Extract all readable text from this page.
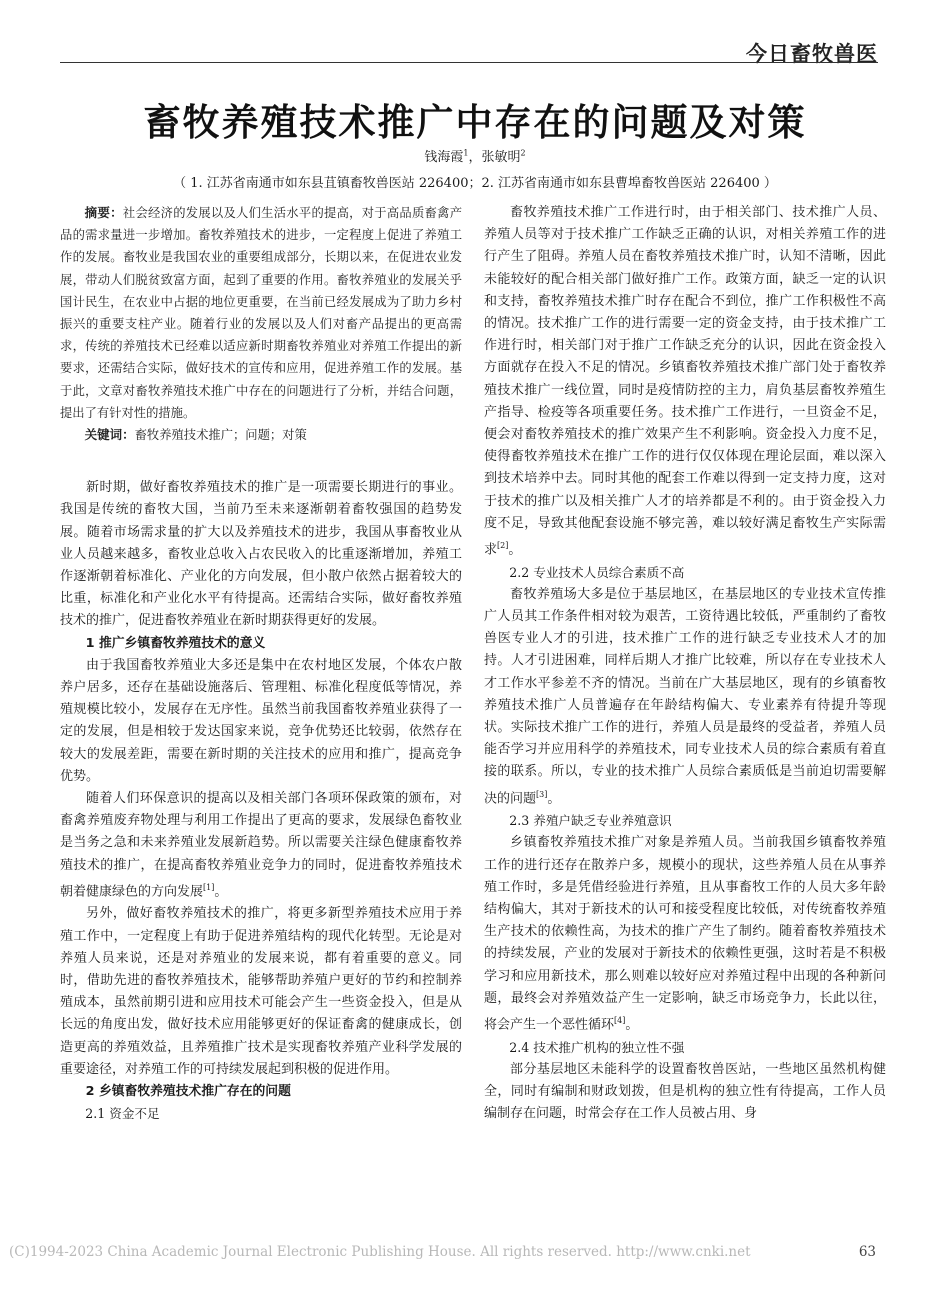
今日畜牧兽医
畜牧养殖技术推广中存在的问题及对策
钱海霞$^1$，张敏明$^2$
（ 1. 江苏省南通市如东县苴镇畜牧兽医站 226400；2. 江苏省南通市如东县曹埠畜牧兽医站 226400 ）

摘要：社会经济的发展以及人们生活水平的提高，对于高品质畜禽产品的需求量进一步增加。畜牧养殖技术的进步，一定程度上促进了养殖工作的发展。畜牧业是我国农业的重要组成部分，长期以来，在促进农业发展，带动人们脱贫致富方面，起到了重要的作用。畜牧养殖业的发展关乎国计民生，在农业中占据的地位更重要，在当前已经发展成为了助力乡村振兴的重要支柱产业。随着行业的发展以及人们对畜产品提出的更高需求，传统的养殖技术已经难以适应新时期畜牧养殖业对养殖工作提出的新要求，还需结合实际，做好技术的宣传和应用，促进养殖工作的发展。基于此，文章对畜牧养殖技术推广中存在的问题进行了分析，并结合问题，提出了有针对性的措施。

关键词：畜牧养殖技术推广；问题；对策

新时期，做好畜牧养殖技术的推广是一项需要长期进行的事业。我国是传统的畜牧大国，当前乃至未来逐渐朝着畜牧强国的趋势发展。随着市场需求量的扩大以及养殖技术的进步，我国从事畜牧业从业人员越来越多，畜牧业总收入占农民收入的比重逐渐增加，养殖工作逐渐朝着标准化、产业化的方向发展，但小散户依然占据着较大的比重，标准化和产业化水平有待提高。还需结合实际，做好畜牧养殖技术的推广，促进畜牧养殖业在新时期获得更好的发展。

1 推广乡镇畜牧养殖技术的意义

由于我国畜牧养殖业大多还是集中在农村地区发展，个体农户散养户居多，还存在基础设施落后、管理粗、标准化程度低等情况，养殖规模比较小，发展存在无序性。虽然当前我国畜牧养殖业获得了一定的发展，但是相较于发达国家来说，竞争优势还比较弱，依然存在较大的发展差距，需要在新时期的关注技术的应用和推广，提高竞争优势。

随着人们环保意识的提高以及相关部门各项环保政策的颁布，对畜禽养殖废弃物处理与利用工作提出了更高的要求，发展绿色畜牧业是当务之急和未来养殖业发展新趋势。所以需要关注绿色健康畜牧养殖技术的推广，在提高畜牧养殖业竞争力的同时，促进畜牧养殖技术朝着健康绿色的方向发展[1]。

另外，做好畜牧养殖技术的推广，将更多新型养殖技术应用于养殖工作中，一定程度上有助于促进养殖结构的现代化转型。无论是对养殖人员来说，还是对养殖业的发展来说，都有着重要的意义。同时，借助先进的畜牧养殖技术，能够帮助养殖户更好的节约和控制养殖成本，虽然前期引进和应用技术可能会产生一些资金投入，但是从长远的角度出发，做好技术应用能够更好的保证畜禽的健康成长，创造更高的养殖效益，且养殖推广技术是实现畜牧养殖产业科学发展的重要途径，对养殖工作的可持续发展起到积极的促进作用。

2 乡镇畜牧养殖技术推广存在的问题

2.1 资金不足

畜牧养殖技术推广工作进行时，由于相关部门、技术推广人员、养殖人员等对于技术推广工作缺乏正确的认识，对相关养殖工作的进行产生了阻碍。养殖人员在畜牧养殖技术推广时，认知不清晰，因此未能较好的配合相关部门做好推广工作。政策方面，缺乏一定的认识和支持，畜牧养殖技术推广时存在配合不到位，推广工作积极性不高的情况。技术推广工作的进行需要一定的资金支持，由于技术推广工作进行时，相关部门对于推广工作缺乏充分的认识，因此在资金投入方面就存在投入不足的情况。乡镇畜牧养殖技术推广部门处于畜牧养殖技术推广一线位置，同时是疫情防控的主力，肩负基层畜牧养殖生产指导、检疫等各项重要任务。技术推广工作进行，一旦资金不足，便会对畜牧养殖技术的推广效果产生不利影响。资金投入力度不足，使得畜牧养殖技术在推广工作的进行仅仅体现在理论层面，难以深入到技术培养中去。同时其他的配套工作难以得到一定支持力度，这对于技术的推广以及相关推广人才的培养都是不利的。由于资金投入力度不足，导致其他配套设施不够完善，难以较好满足畜牧生产实际需求[2]。

2.2 专业技术人员综合素质不高

畜牧养殖场大多是位于基层地区，在基层地区的专业技术宣传推广人员其工作条件相对较为艰苦，工资待遇比较低，严重制约了畜牧兽医专业人才的引进，技术推广工作的进行缺乏专业技术人才的加持。人才引进困难，同样后期人才推广比较难，所以存在专业技术人才工作水平参差不齐的情况。当前在广大基层地区，现有的乡镇畜牧养殖技术推广人员普遍存在年龄结构偏大、专业素养有待提升等现状。实际技术推广工作的进行，养殖人员是最终的受益者，养殖人员能否学习并应用科学的养殖技术，同专业技术人员的综合素质有着直接的联系。所以，专业的技术推广人员综合素质低是当前迫切需要解决的问题[3]。

2.3 养殖户缺乏专业养殖意识

乡镇畜牧养殖技术推广对象是养殖人员。当前我国乡镇畜牧养殖工作的进行还存在散养户多，规模小的现状，这些养殖人员在从事养殖工作时，多是凭借经验进行养殖，且从事畜牧工作的人员大多年龄结构偏大，其对于新技术的认可和接受程度比较低，对传统畜牧养殖生产技术的依赖性高，为技术的推广产生了制约。随着畜牧养殖技术的持续发展，产业的发展对于新技术的依赖性更强，这时若是不积极学习和应用新技术，那么则难以较好应对养殖过程中出现的各种新问题，最终会对养殖效益产生一定影响，缺乏市场竞争力，长此以往，将会产生一个恶性循环[4]。

2.4 技术推广机构的独立性不强

部分基层地区未能科学的设置畜牧兽医站，一些地区虽然机构健全，同时有编制和财政划拨，但是机构的独立性有待提高，工作人员编制存在问题，时常会存在工作人员被占用、身

(C)1994-2023 China Academic Journal Electronic Publishing House. All rights reserved. http://www.cnki.net	63
